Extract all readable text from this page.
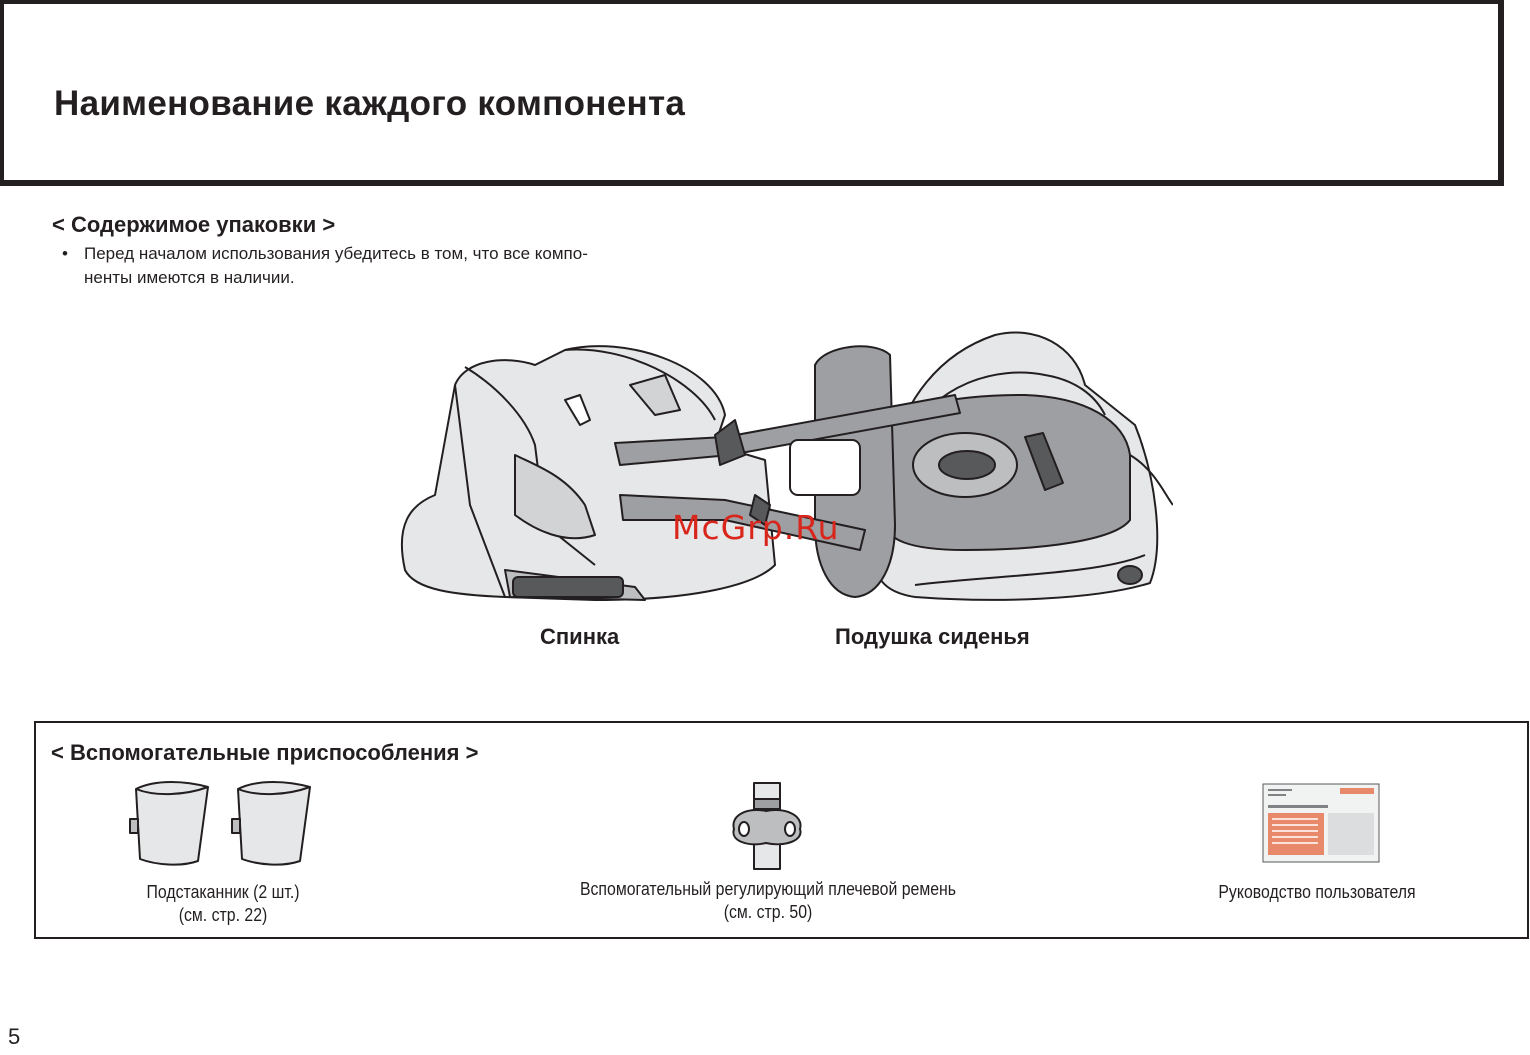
Наименование каждого компонента
< Содержимое упаковки >
• Перед началом использования убедитесь в том, что все компо-
ненты имеются в наличии.
McGrp.Ru
Спинка	Подушка сиденья
< Вспомогательные приспособления >
Подстаканник (2 шт.)
(см. стр. 22)
Вспомогательный регулирующий плечевой ремень
(см. стр. 50)
Руководство пользователя
5
